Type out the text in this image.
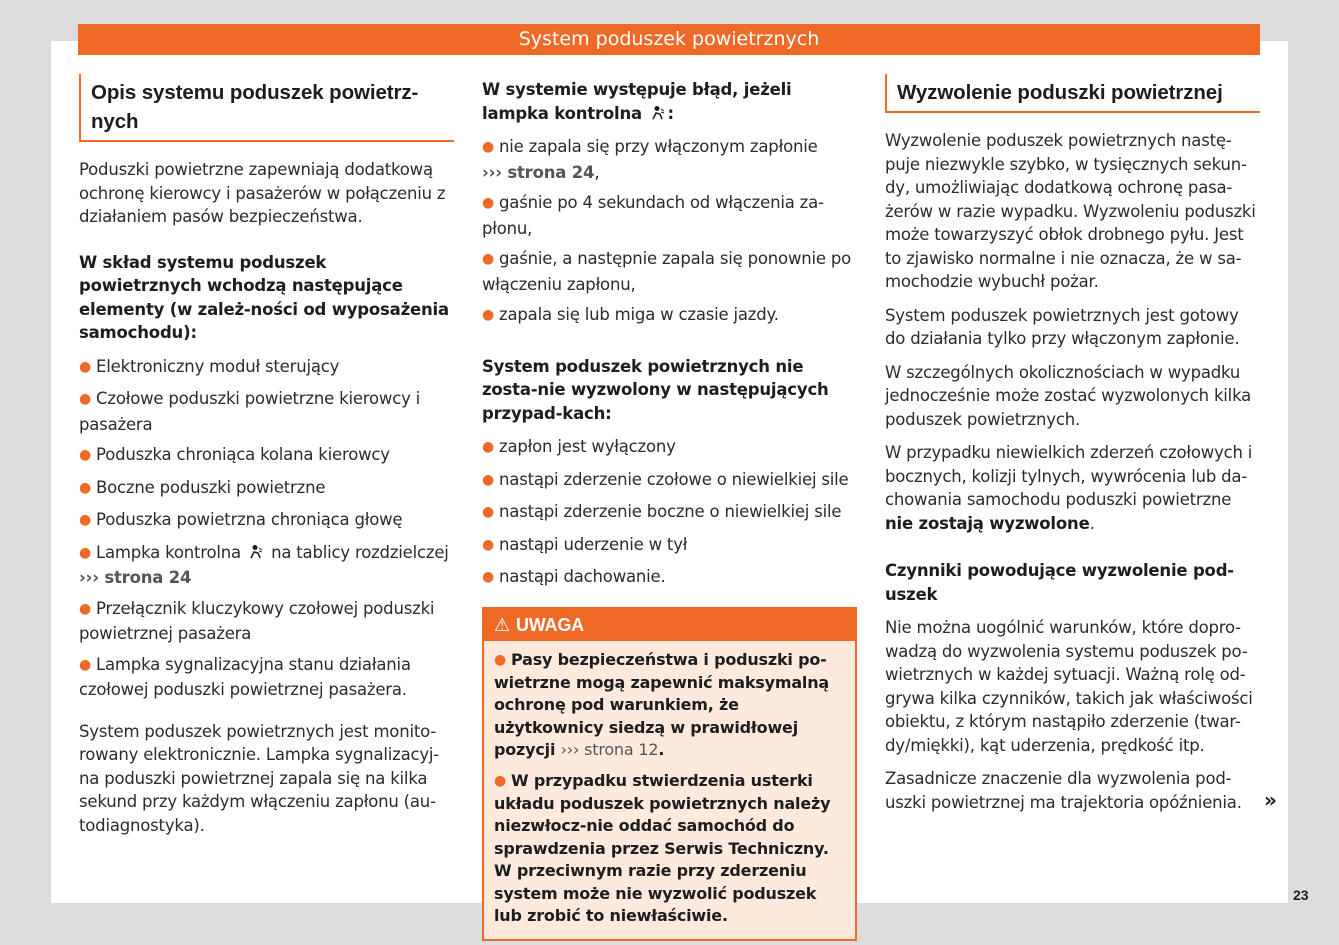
System poduszek powietrznych
Opis systemu poduszek powietrz-nych

Poduszki powietrzne zapewniają dodatkową ochronę kierowcy i pasażerów w połączeniu z działaniem pasów bezpieczeństwa.

W skład systemu poduszek powietrznych wchodzą następujące elementy (w zależ-ności od wyposażenia samochodu):
● Elektroniczny moduł sterujący
● Czołowe poduszki powietrzne kierowcy i pasażera
● Poduszka chroniąca kolana kierowcy
● Boczne poduszki powietrzne
● Poduszka powietrzna chroniąca głowę
● Lampka kontrolna na tablicy rozdzielczej
››› strona 24
● Przełącznik kluczykowy czołowej poduszki powietrznej pasażera
● Lampka sygnalizacyjna stanu działania czołowej poduszki powietrznej pasażera.

System poduszek powietrznych jest monito-rowany elektronicznie. Lampka sygnalizacyj-na poduszki powietrznej zapala się na kilka sekund przy każdym włączeniu zapłonu (au-todiagnostyka).

W systemie występuje błąd, jeżeli lampka kontrolna :
● nie zapala się przy włączonym zapłonie
››› strona 24,
● gaśnie po 4 sekundach od włączenia za-płonu,
● gaśnie, a następnie zapala się ponownie po włączeniu zapłonu,
● zapala się lub miga w czasie jazdy.
System poduszek powietrznych nie zosta-nie wyzwolony w następujących przypad-kach:
● zapłon jest wyłączony
● nastąpi zderzenie czołowe o niewielkiej sile
● nastąpi zderzenie boczne o niewielkiej sile
● nastąpi uderzenie w tył
● nastąpi dachowanie.
⚠ UWAGA

● Pasy bezpieczeństwa i poduszki po-wietrzne mogą zapewnić maksymalną ochronę pod warunkiem, że użytkownicy siedzą w prawidłowej pozycji ››› strona 12.

● W przypadku stwierdzenia usterki układu poduszek powietrznych należy niezwłocz-nie oddać samochód do sprawdzenia przez Serwis Techniczny. W przeciwnym razie przy zderzeniu system może nie wyzwolić poduszek lub zrobić to niewłaściwie.

Wyzwolenie poduszki powietrznej

Wyzwolenie poduszek powietrznych nastę-puje niezwykle szybko, w tysięcznych sekun-dy, umożliwiając dodatkową ochronę pasa-żerów w razie wypadku. Wyzwoleniu poduszki może towarzyszyć obłok drobnego pyłu. Jest to zjawisko normalne i nie oznacza, że w sa-mochodzie wybuchł pożar.

System poduszek powietrznych jest gotowy do działania tylko przy włączonym zapłonie.

W szczególnych okolicznościach w wypadku jednocześnie może zostać wyzwolonych kilka poduszek powietrznych.

W przypadku niewielkich zderzeń czołowych i bocznych, kolizji tylnych, wywrócenia lub da-chowania samochodu poduszki powietrzne nie zostają wyzwolone.

Czynniki powodujące wyzwolenie pod-uszek

Nie można uogólnić warunków, które dopro-wadzą do wyzwolenia systemu poduszek po-wietrznych w każdej sytuacji. Ważną rolę od-grywa kilka czynników, takich jak właściwości obiektu, z którym nastąpiło zderzenie (twar-dy/miękki), kąt uderzenia, prędkość itp.

Zasadnicze znaczenie dla wyzwolenia pod-uszki powietrznej ma trajektoria opóźnienia.	»
23
